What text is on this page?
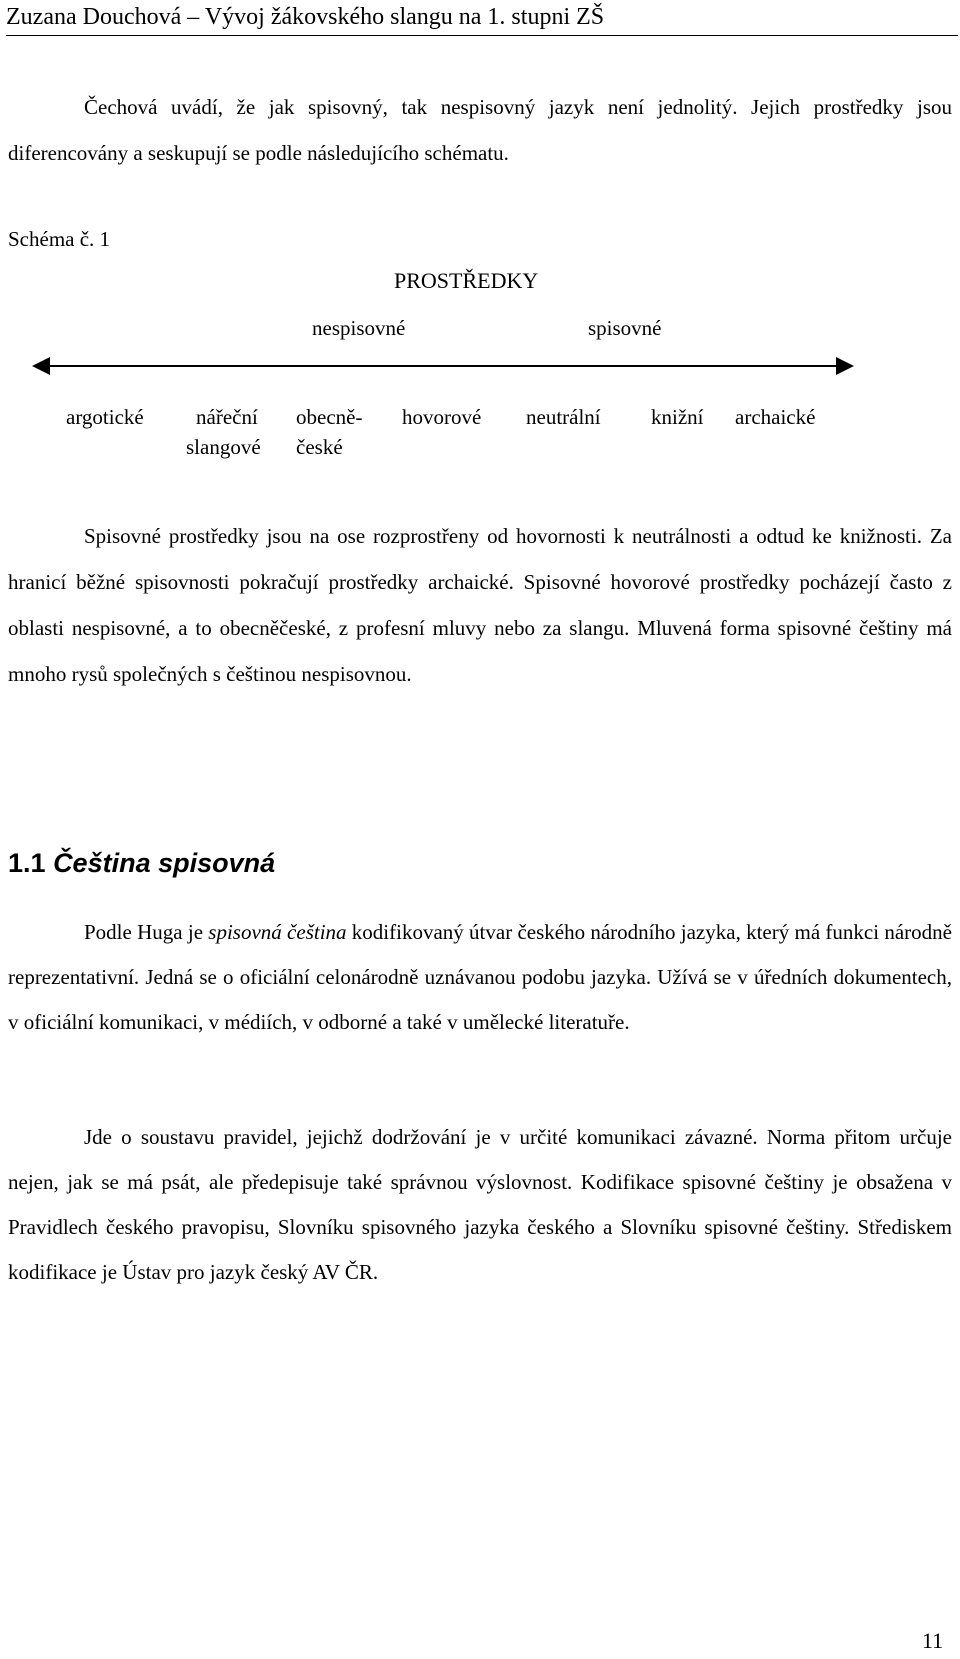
Zuzana Douchová – Vývoj žákovského slangu na 1. stupni ZŠ

Čechová uvádí, že jak spisovný, tak nespisovný jazyk není jednolitý. Jejich prostředky jsou diferencovány a seskupují se podle následujícího schématu.

Schéma č. 1
PROSTŘEDKY
nespisovné	spisovné
argotické nářeční obecně- hovorové neutrální knižní archaické
slangové české

Spisovné prostředky jsou na ose rozprostřeny od hovornosti k neutrálnosti a odtud ke knižnosti. Za hranicí běžné spisovnosti pokračují prostředky archaické. Spisovné hovorové prostředky pocházejí často z oblasti nespisovné, a to obecněčeské, z profesní mluvy nebo za slangu. Mluvená forma spisovné češtiny má mnoho rysů společných s češtinou nespisovnou.

1.1 Čeština spisovná

Podle Huga je spisovná čeština kodifikovaný útvar českého národního jazyka, který má funkci národně reprezentativní. Jedná se o oficiální celonárodně uznávanou podobu jazyka. Užívá se v úředních dokumentech, v oficiální komunikaci, v médiích, v odborné a také v umělecké literatuře.

Jde o soustavu pravidel, jejichž dodržování je v určité komunikaci závazné. Norma přitom určuje nejen, jak se má psát, ale předepisuje také správnou výslovnost. Kodifikace spisovné češtiny je obsažena v Pravidlech českého pravopisu, Slovníku spisovného jazyka českého a Slovníku spisovné češtiny. Střediskem kodifikace je Ústav pro jazyk český AV ČR.

11
